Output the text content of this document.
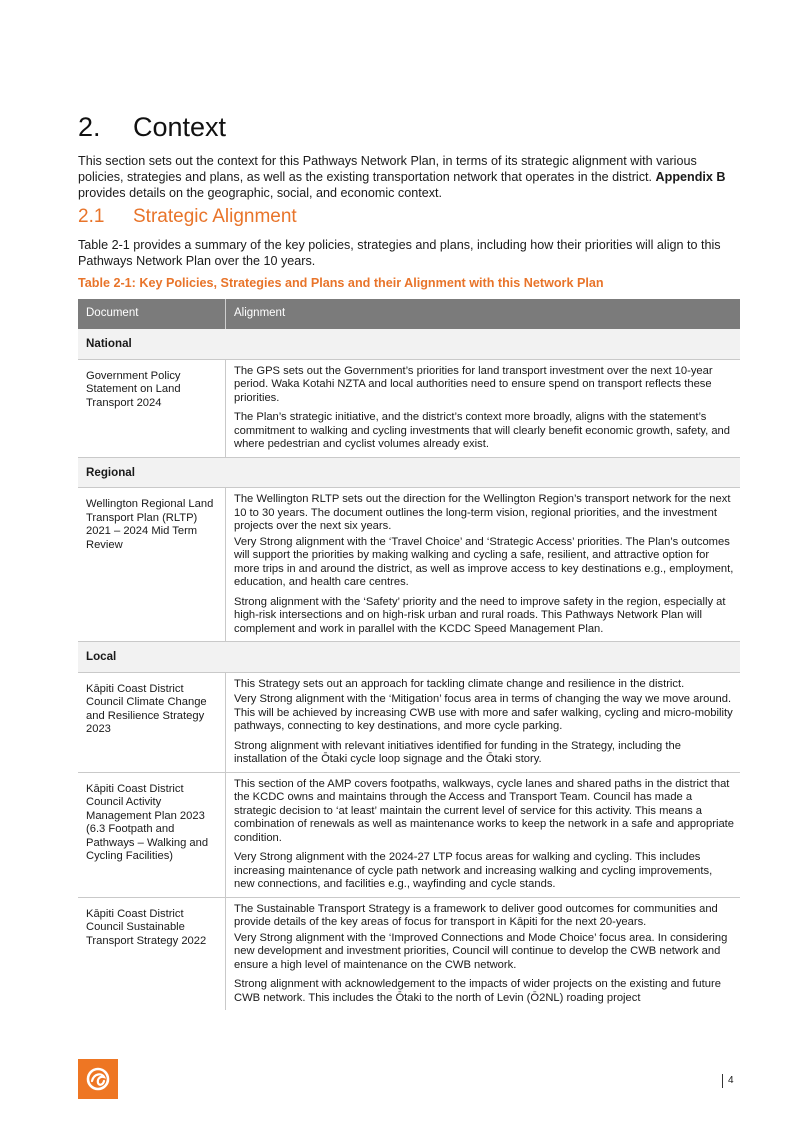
2. Context

This section sets out the context for this Pathways Network Plan, in terms of its strategic alignment with various policies, strategies and plans, as well as the existing transportation network that operates in the district. Appendix B provides details on the geographic, social, and economic context.

2.1 Strategic Alignment

Table 2-1 provides a summary of the key policies, strategies and plans, including how their priorities will align to this Pathways Network Plan over the 10 years.

Table 2-1: Key Policies, Strategies and Plans and their Alignment with this Network Plan

Document	Alignment
National	
Government Policy Statement on Land Transport 2024	The GPS sets out the Government’s priorities for land transport investment over the next 10-year period. Waka Kotahi NZTA and local authorities need to ensure spend on transport reflects these priorities.

The Plan’s strategic initiative, and the district’s context more broadly, aligns with the statement’s commitment to walking and cycling investments that will clearly benefit economic growth, safety, and where pedestrian and cyclist volumes already exist.

Regional	
Wellington Regional Land Transport Plan (RLTP) 2021 – 2024 Mid Term Review	The Wellington RLTP sets out the direction for the Wellington Region’s transport network for the next 10 to 30 years. The document outlines the long-term vision, regional priorities, and the investment projects over the next six years.

Very Strong alignment with the ‘Travel Choice’ and ‘Strategic Access’ priorities. The Plan’s outcomes will support the priorities by making walking and cycling a safe, resilient, and attractive option for more trips in and around the district, as well as improve access to key destinations e.g., employment, education, and health care centres.

Strong alignment with the ‘Safety’ priority and the need to improve safety in the region, especially at high-risk intersections and on high-risk urban and rural roads. This Pathways Network Plan will complement and work in parallel with the KCDC Speed Management Plan.

Local	
Kāpiti Coast District Council Climate Change and Resilience Strategy 2023	This Strategy sets out an approach for tackling climate change and resilience in the district.

Very Strong alignment with the ‘Mitigation’ focus area in terms of changing the way we move around. This will be achieved by increasing CWB use with more and safer walking, cycling and micro-mobility pathways, connecting to key destinations, and more cycle parking.

Strong alignment with relevant initiatives identified for funding in the Strategy, including the installation of the Ōtaki cycle loop signage and the Ōtaki story.

Kāpiti Coast District Council Activity Management Plan 2023 (6.3 Footpath and Pathways – Walking and Cycling Facilities)	This section of the AMP covers footpaths, walkways, cycle lanes and shared paths in the district that the KCDC owns and maintains through the Access and Transport Team. Council has made a strategic decision to ‘at least’ maintain the current level of service for this activity. This means a combination of renewals as well as maintenance works to keep the network in a safe and appropriate condition.

Very Strong alignment with the 2024-27 LTP focus areas for walking and cycling. This includes increasing maintenance of cycle path network and increasing walking and cycling improvements, new connections, and facilities e.g., wayfinding and cycle stands.

Kāpiti Coast District Council Sustainable Transport Strategy 2022	The Sustainable Transport Strategy is a framework to deliver good outcomes for communities and provide details of the key areas of focus for transport in Kāpiti for the next 20-years.

Very Strong alignment with the ‘Improved Connections and Mode Choice’ focus area. In considering new development and investment priorities, Council will continue to develop the CWB network and ensure a high level of maintenance on the CWB network.

Strong alignment with acknowledgement to the impacts of wider projects on the existing and future CWB network. This includes the Ōtaki to the north of Levin (Ō2NL) roading project

4
